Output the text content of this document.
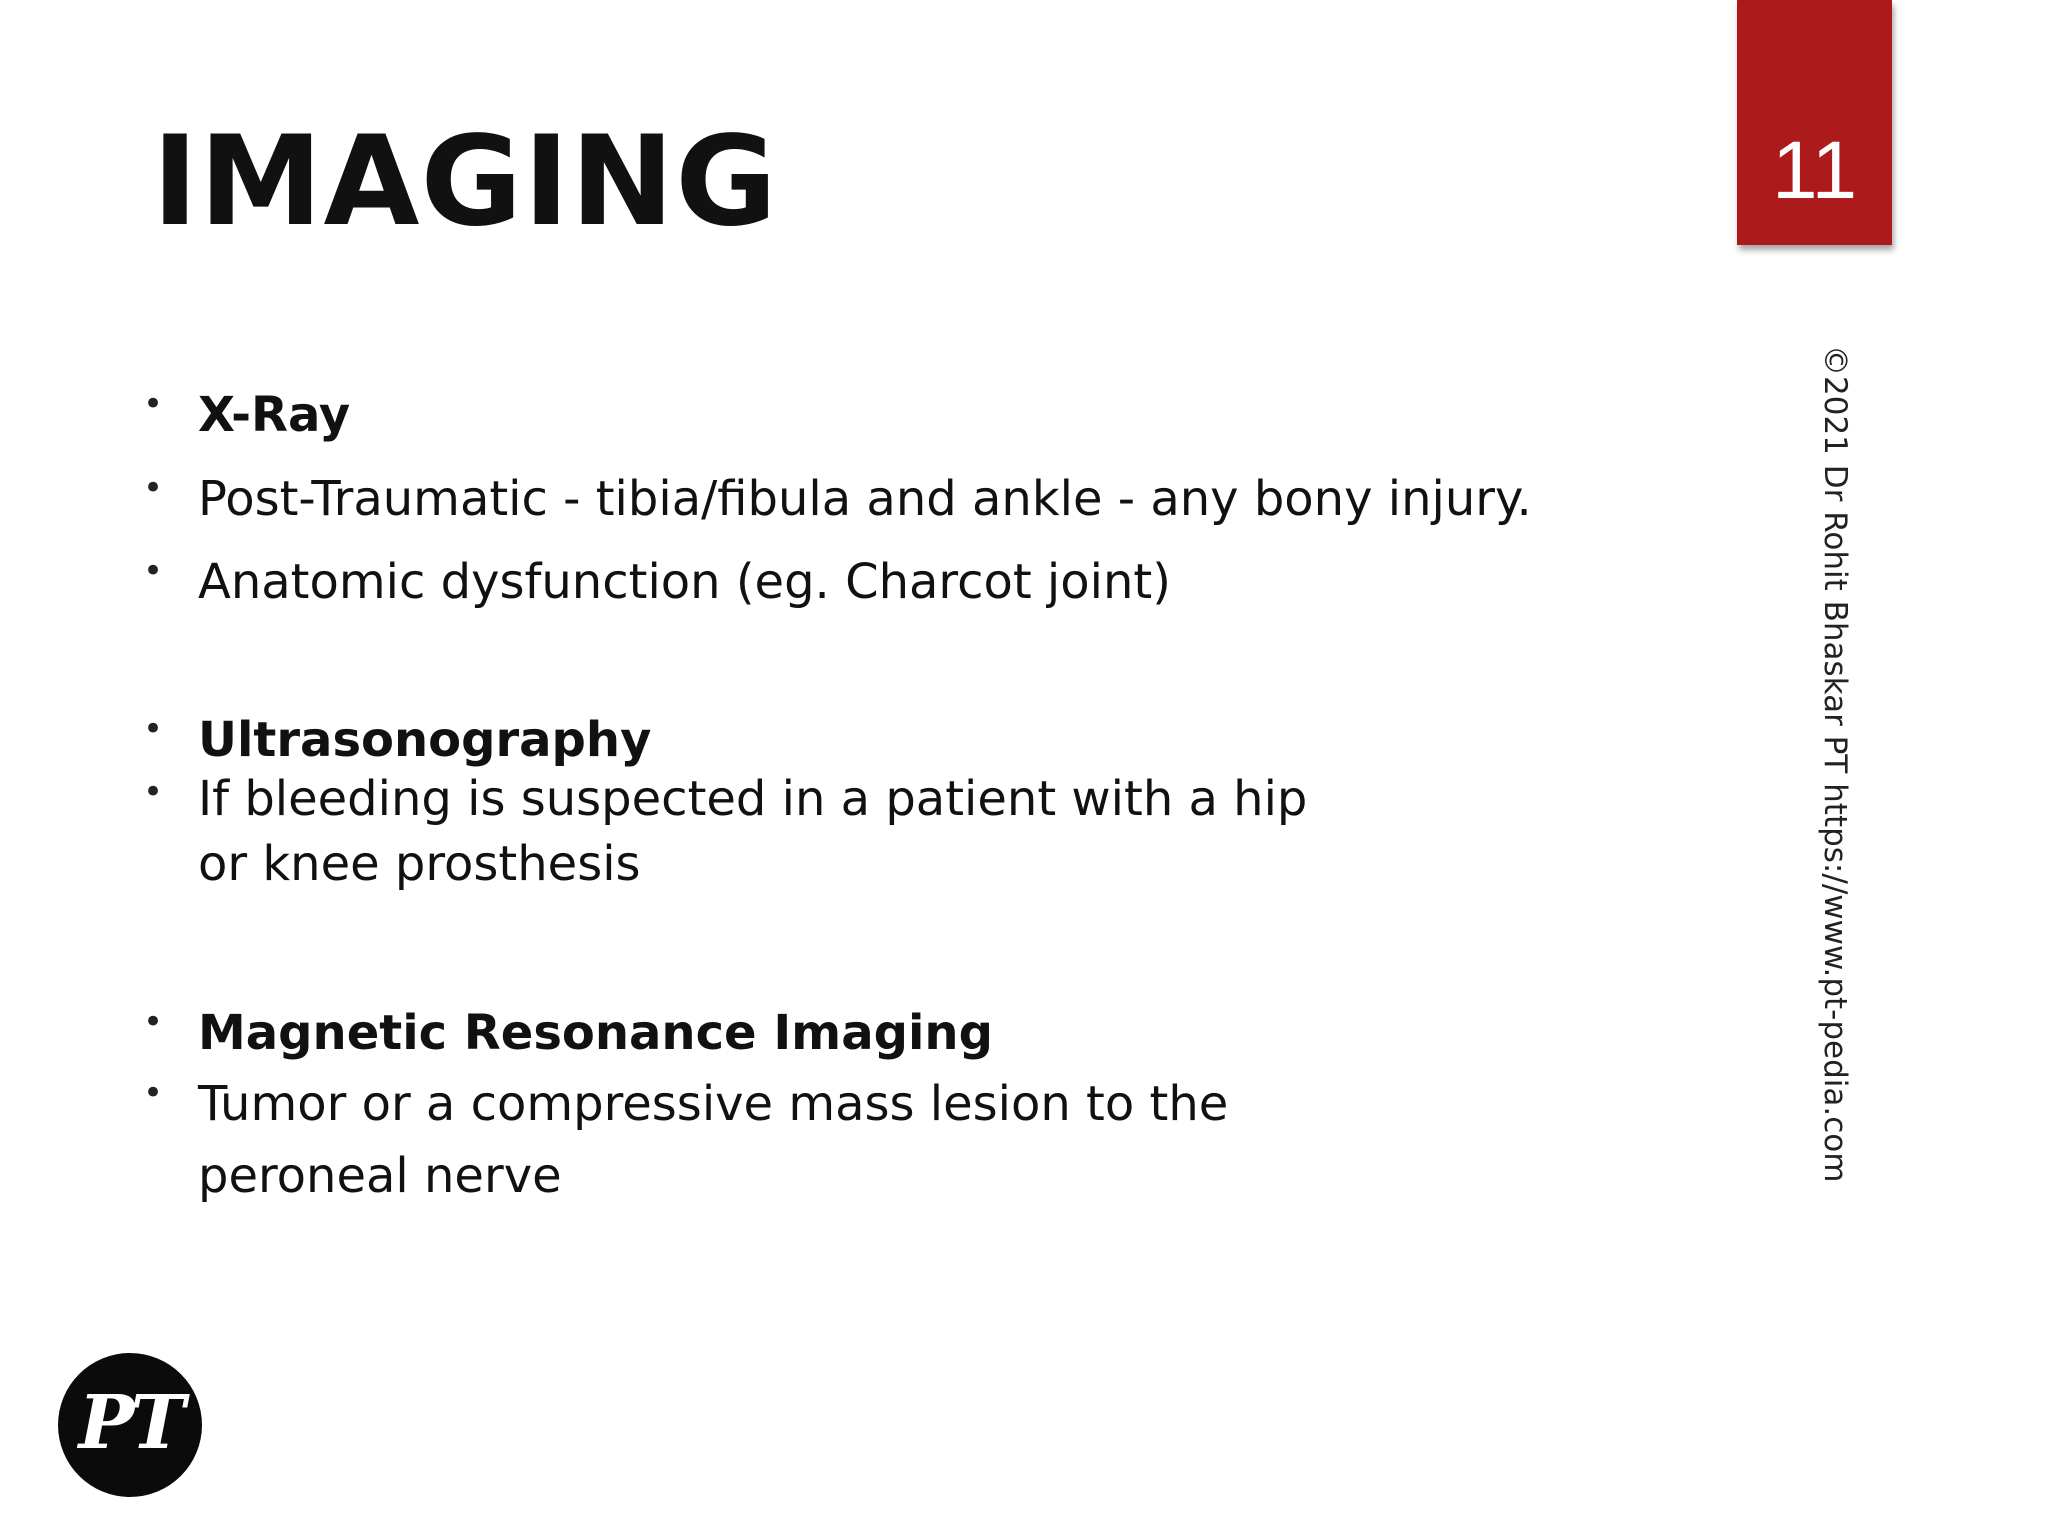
IMAGING	11
©2021 Dr Rohit Bhaskar PT https://www.pt-pedia.com
• X-Ray
• Post-Traumatic - tibia/fibula and ankle - any bony injury.
• Anatomic dysfunction (eg. Charcot joint)
• Ultrasonography
• If bleeding is suspected in a patient with a hip
or knee prosthesis
• Magnetic Resonance Imaging
• Tumor or a compressive mass lesion to the
peroneal nerve
PT
